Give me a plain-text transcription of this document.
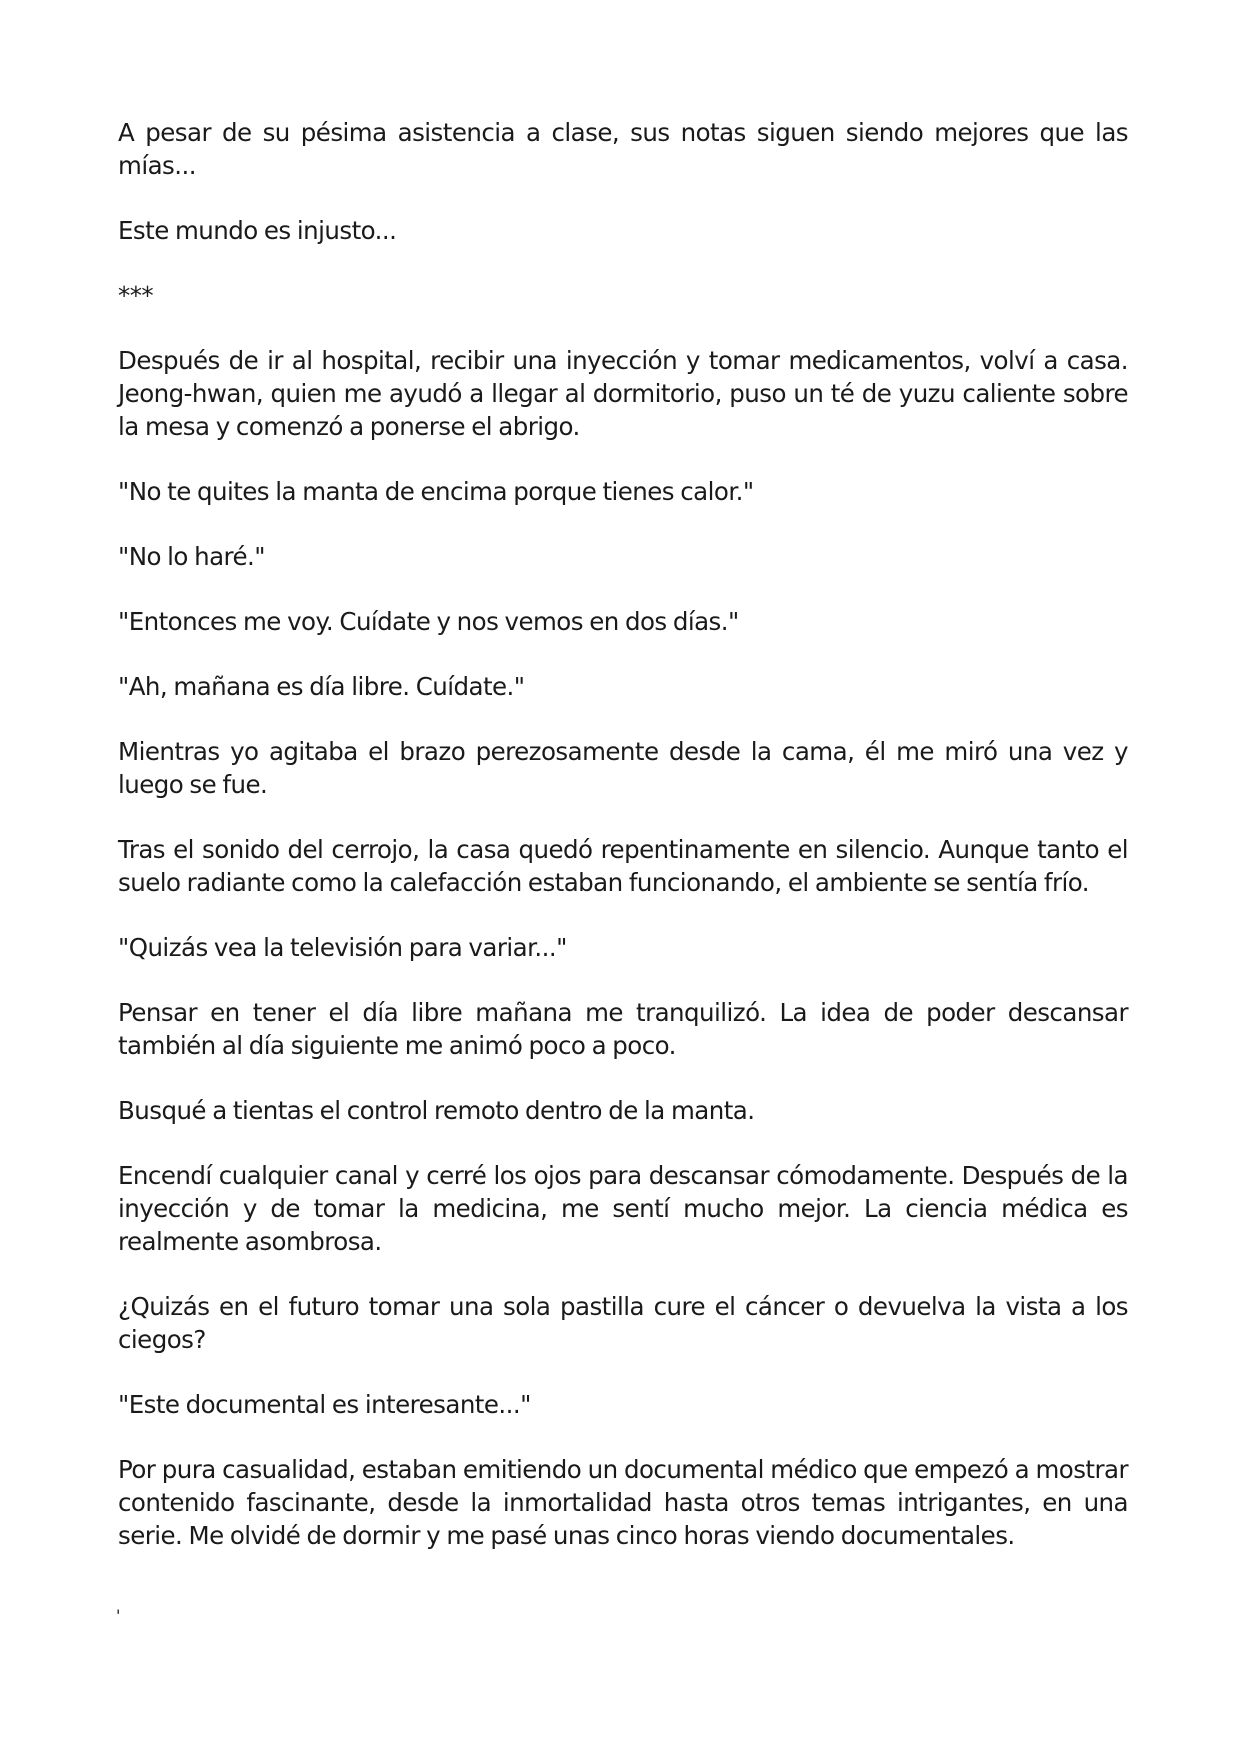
A pesar de su pésima asistencia a clase, sus notas siguen siendo mejores que las mías...

Este mundo es injusto...

***

Después de ir al hospital, recibir una inyección y tomar medicamentos, volví a casa. Jeong-hwan, quien me ayudó a llegar al dormitorio, puso un té de yuzu caliente sobre la mesa y comenzó a ponerse el abrigo.

"No te quites la manta de encima porque tienes calor."

"No lo haré."

"Entonces me voy. Cuídate y nos vemos en dos días."

"Ah, mañana es día libre. Cuídate."

Mientras yo agitaba el brazo perezosamente desde la cama, él me miró una vez y luego se fue.

Tras el sonido del cerrojo, la casa quedó repentinamente en silencio. Aunque tanto el suelo radiante como la calefacción estaban funcionando, el ambiente se sentía frío.

"Quizás vea la televisión para variar..."

Pensar en tener el día libre mañana me tranquilizó. La idea de poder descansar también al día siguiente me animó poco a poco.

Busqué a tientas el control remoto dentro de la manta.

Encendí cualquier canal y cerré los ojos para descansar cómodamente. Después de la inyección y de tomar la medicina, me sentí mucho mejor. La ciencia médica es realmente asombrosa.

¿Quizás en el futuro tomar una sola pastilla cure el cáncer o devuelva la vista a los ciegos?

"Este documental es interesante..."

Por pura casualidad, estaban emitiendo un documental médico que empezó a mostrar contenido fascinante, desde la inmortalidad hasta otros temas intrigantes, en una serie. Me olvidé de dormir y me pasé unas cinco horas viendo documentales.

'
